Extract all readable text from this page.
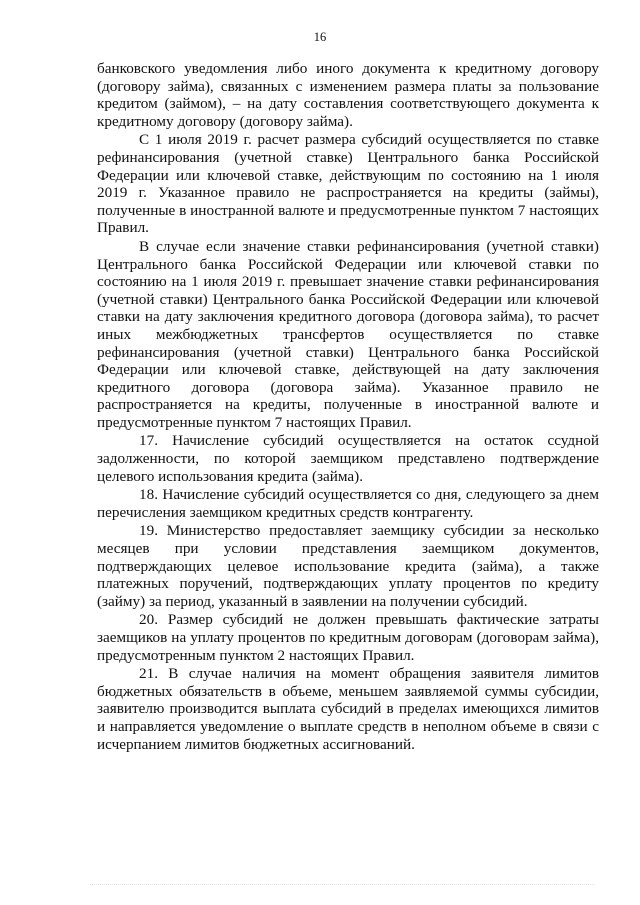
16

банковского уведомления либо иного документа к кредитному договору (договору займа), связанных с изменением размера платы за пользование кредитом (займом), – на дату составления соответствующего документа к кредитному договору (договору займа).

С 1 июля 2019 г. расчет размера субсидий осуществляется по ставке рефинансирования (учетной ставке) Центрального банка Российской Федерации или ключевой ставке, действующим по состоянию на 1 июля 2019 г. Указанное правило не распространяется на кредиты (займы), полученные в иностранной валюте и предусмотренные пунктом 7 настоящих Правил.

В случае если значение ставки рефинансирования (учетной ставки) Центрального банка Российской Федерации или ключевой ставки по состоянию на 1 июля 2019 г. превышает значение ставки рефинансирования (учетной ставки) Центрального банка Российской Федерации или ключевой ставки на дату заключения кредитного договора (договора займа), то расчет иных межбюджетных трансфертов осуществляется по ставке рефинансирования (учетной ставки) Центрального банка Российской Федерации или ключевой ставке, действующей на дату заключения кредитного договора (договора займа). Указанное правило не распространяется на кредиты, полученные в иностранной валюте и предусмотренные пунктом 7 настоящих Правил.

17. Начисление субсидий осуществляется на остаток ссудной задолженности, по которой заемщиком представлено подтверждение целевого использования кредита (займа).

18. Начисление субсидий осуществляется со дня, следующего за днем перечисления заемщиком кредитных средств контрагенту.

19. Министерство предоставляет заемщику субсидии за несколько месяцев при условии представления заемщиком документов, подтверждающих целевое использование кредита (займа), а также платежных поручений, подтверждающих уплату процентов по кредиту (займу) за период, указанный в заявлении на получении субсидий.

20. Размер субсидий не должен превышать фактические затраты заемщиков на уплату процентов по кредитным договорам (договорам займа), предусмотренным пунктом 2 настоящих Правил.

21. В случае наличия на момент обращения заявителя лимитов бюджетных обязательств в объеме, меньшем заявляемой суммы субсидии, заявителю производится выплата субсидий в пределах имеющихся лимитов и направляется уведомление о выплате средств в неполном объеме в связи с исчерпанием лимитов бюджетных ассигнований.
